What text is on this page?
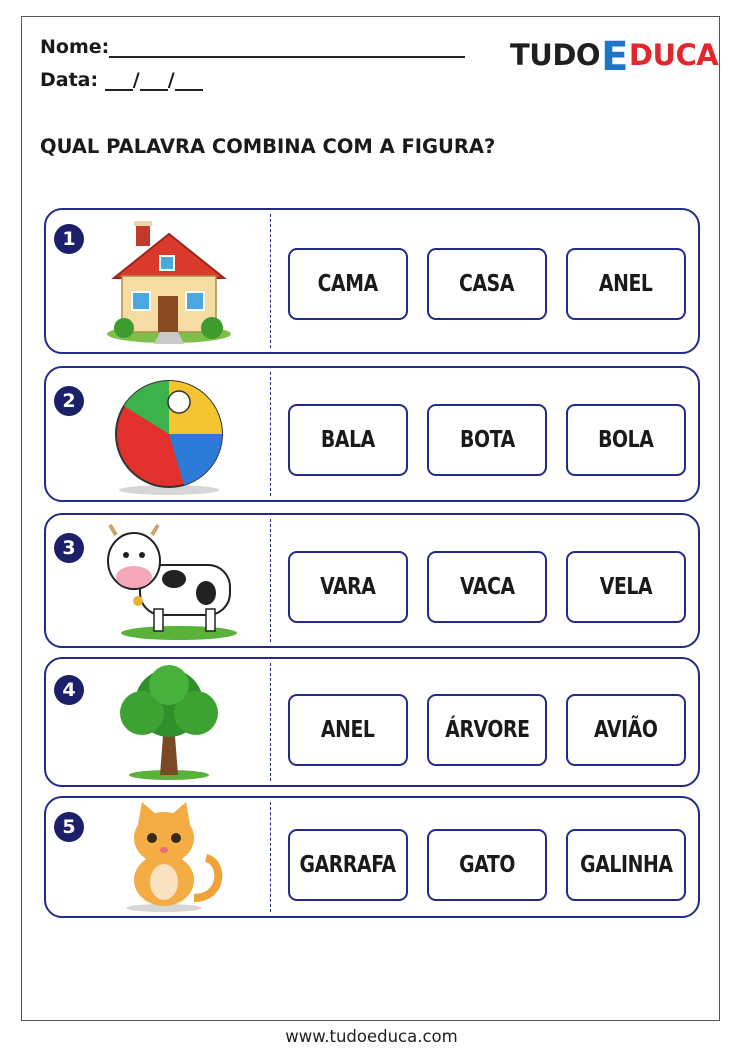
Nome:
Data: / /
TUDO E DUCA
QUAL PALAVRA COMBINA COM A FIGURA?
1
CAMA	CASA	ANEL
2
BALA	BOTA	BOLA
3
VARA	VACA	VELA
4
ANEL	ÁRVORE	AVIÃO
5
GARRAFA	GATO	GALINHA
www.tudoeduca.com
